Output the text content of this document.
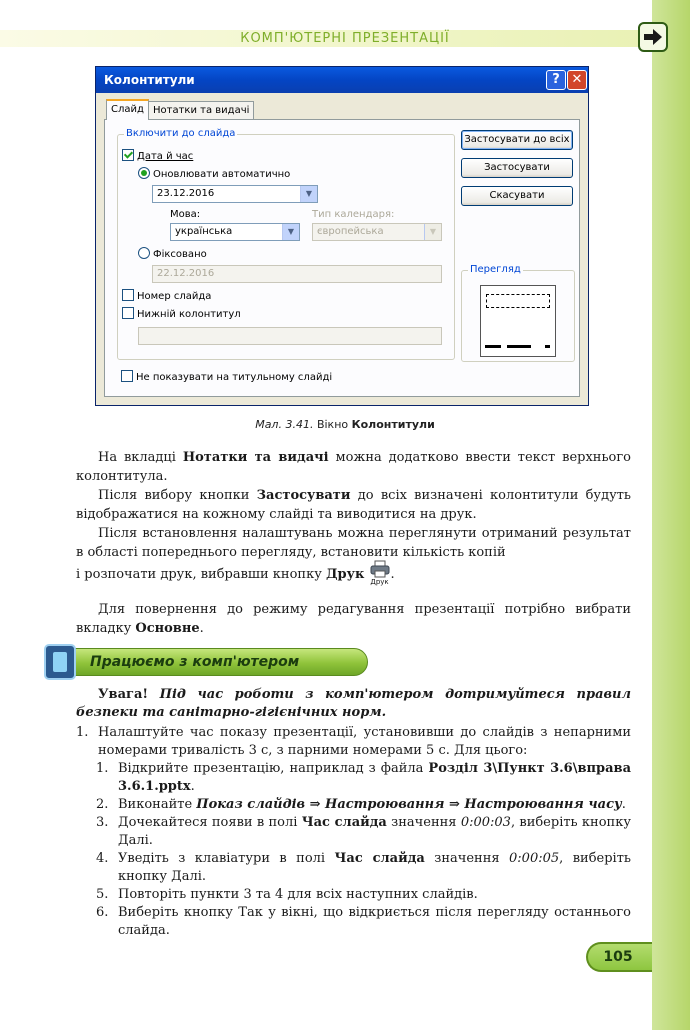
КОМП'ЮТЕРНІ ПРЕЗЕНТАЦІЇ
Колонтитули	? ✕
Слайд Нотатки та видачі
Включити до слайда
Дата й час
Оновлювати автоматично
23.12.2016	▼
Мова:	Тип календаря:
українська	▼	європейська	▼
Фіксовано
22.12.2016
Номер слайда
Нижній колонтитул
Не показувати на титульному слайді
Застосувати до всіх
Застосувати
Скасувати
Перегляд
Мал. 3.41. Вікно Колонтитули
На вкладці Нотатки та видачі можна додатково ввести текст верхнього колонтитула.
Після вибору кнопки Застосувати до всіх визначені колонтитули будуть відображатися на кожному слайді та виводитися на друк.
Після встановлення налаштувань можна переглянути отриманий результат в області попереднього перегляду, встановити кількість копій
і розпочати друк, вибравши кнопку Друк Друк .
Для повернення до режиму редагування презентації потрібно вибрати вкладку Основне.
Працюємо з комп'ютером
Увага! Під час роботи з комп'ютером дотримуйтеся правил безпеки та санітарно-гігієнічних норм.
1. Налаштуйте час показу презентації, установивши до слайдів з непарними номерами тривалість 3 с, з парними номерами 5 с. Для цього:
1. Відкрийте презентацію, наприклад з файла Розділ 3\Пункт 3.6\вправа 3.6.1.pptx.
2. Виконайте Показ слайдів ⇒ Настроювання ⇒ Настроювання часу.
3. Дочекайтеся появи в полі Час слайда значення 0:00:03, виберіть кнопку Далі.
4. Уведіть з клавіатури в полі Час слайда значення 0:00:05, виберіть кнопку Далі.
5. Повторіть пункти 3 та 4 для всіх наступних слайдів.
6. Виберіть кнопку Так у вікні, що відкриється після перегляду останнього слайда.
105
